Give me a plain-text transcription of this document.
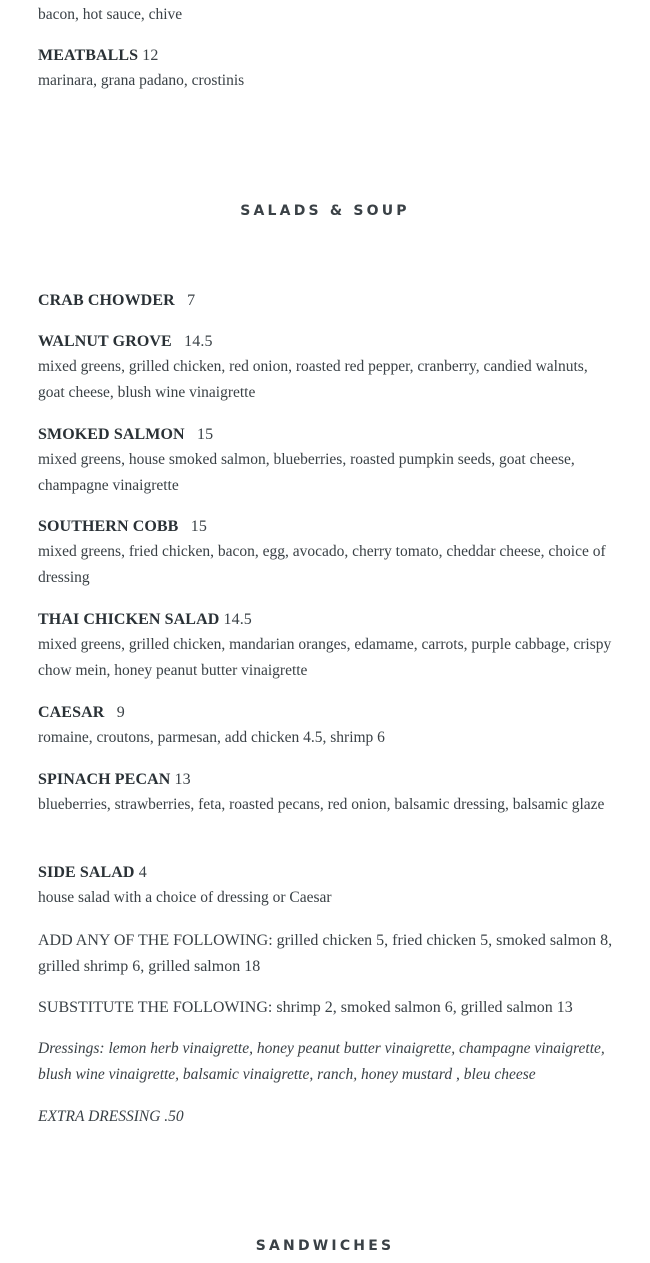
bacon, hot sauce, chive
MEATBALLS 12
marinara, grana padano, crostinis
SALADS & SOUP
CRAB CHOWDER 7
WALNUT GROVE 14.5
mixed greens, grilled chicken, red onion, roasted red pepper, cranberry, candied walnuts, goat cheese, blush wine vinaigrette
SMOKED SALMON 15
mixed greens, house smoked salmon, blueberries, roasted pumpkin seeds, goat cheese, champagne vinaigrette
SOUTHERN COBB 15
mixed greens, fried chicken, bacon, egg, avocado, cherry tomato, cheddar cheese, choice of dressing
THAI CHICKEN SALAD 14.5
mixed greens, grilled chicken, mandarian oranges, edamame, carrots, purple cabbage, crispy chow mein, honey peanut butter vinaigrette
CAESAR 9
romaine, croutons, parmesan, add chicken 4.5, shrimp 6
SPINACH PECAN 13
blueberries, strawberries, feta, roasted pecans, red onion, balsamic dressing, balsamic glaze
SIDE SALAD 4
house salad with a choice of dressing or Caesar
ADD ANY OF THE FOLLOWING: grilled chicken 5, fried chicken 5, smoked salmon 8, grilled shrimp 6, grilled salmon 18
SUBSTITUTE THE FOLLOWING: shrimp 2, smoked salmon 6, grilled salmon 13
Dressings: lemon herb vinaigrette, honey peanut butter vinaigrette, champagne vinaigrette, blush wine vinaigrette, balsamic vinaigrette, ranch, honey mustard , bleu cheese
EXTRA DRESSING .50
SANDWICHES
